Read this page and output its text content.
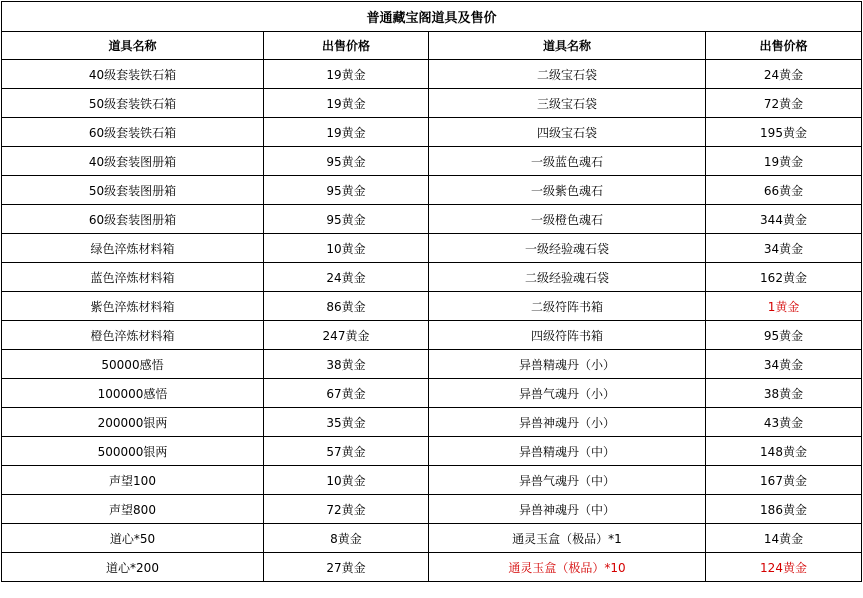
普通藏宝阁道具及售价			
道具名称	出售价格	道具名称	出售价格
40级套装铁石箱	19黄金	二级宝石袋	24黄金
50级套装铁石箱	19黄金	三级宝石袋	72黄金
60级套装铁石箱	19黄金	四级宝石袋	195黄金
40级套装图册箱	95黄金	一级蓝色魂石	19黄金
50级套装图册箱	95黄金	一级紫色魂石	66黄金
60级套装图册箱	95黄金	一级橙色魂石	344黄金
绿色淬炼材料箱	10黄金	一级经验魂石袋	34黄金
蓝色淬炼材料箱	24黄金	二级经验魂石袋	162黄金
紫色淬炼材料箱	86黄金	二级符阵书箱	1黄金
橙色淬炼材料箱	247黄金	四级符阵书箱	95黄金
50000感悟	38黄金	异兽精魂丹（小）	34黄金
100000感悟	67黄金	异兽气魂丹（小）	38黄金
200000银两	35黄金	异兽神魂丹（小）	43黄金
500000银两	57黄金	异兽精魂丹（中）	148黄金
声望100	10黄金	异兽气魂丹（中）	167黄金
声望800	72黄金	异兽神魂丹（中）	186黄金
道心*50	8黄金	通灵玉盒（极品）*1	14黄金
道心*200	27黄金	通灵玉盒（极品）*10	124黄金
